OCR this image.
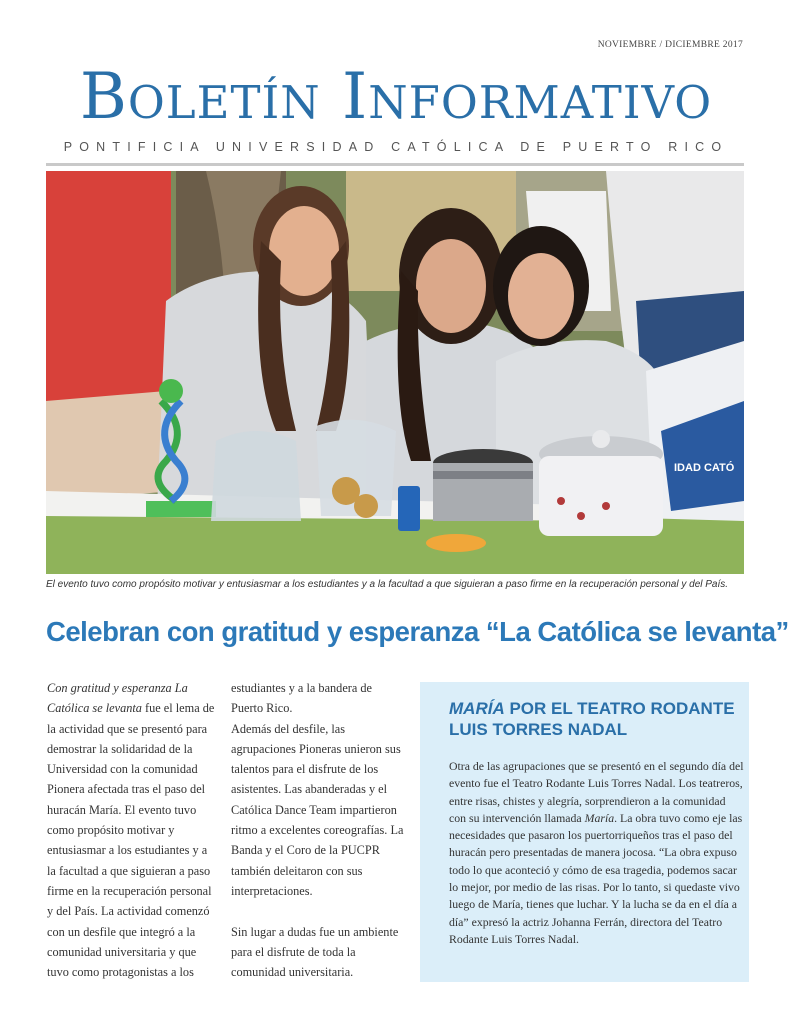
NOVIEMBRE / DICIEMBRE 2017
Boletín Informativo
PONTIFICIA UNIVERSIDAD CATÓLICA DE PUERTO RICO
IDAD CATÓ
El evento tuvo como propósito motivar y entusiasmar a los estudiantes y a la facultad a que siguieran a paso firme en la recuperación personal y del País.
Celebran con gratitud y esperanza “La Católica se levanta”
Con gratitud y esperanza La Católica se levanta fue el lema de la actividad que se presentó para demostrar la solidaridad de la Universidad con la comunidad Pionera afectada tras el paso del huracán María. El evento tuvo como propósito motivar y entusiasmar a los estudiantes y a la facultad a que siguieran a paso firme en la recuperación personal y del País. La actividad comenzó con un desfile que integró a la comunidad universitaria y que tuvo como protagonistas a los
estudiantes y a la bandera de Puerto Rico.
Además del desfile, las agrupaciones Pioneras unieron sus talentos para el disfrute de los asistentes. Las abanderadas y el Católica Dance Team impartieron ritmo a excelentes coreografías. La Banda y el Coro de la PUCPR también deleitaron con sus interpretaciones.
Sin lugar a dudas fue un ambiente para el disfrute de toda la comunidad universitaria.
MARÍA POR EL TEATRO RODANTE LUIS TORRES NADAL
Otra de las agrupaciones que se presentó en el segundo día del evento fue el Teatro Rodante Luis Torres Nadal. Los teatreros, entre risas, chistes y alegría, sorprendieron a la comunidad con su intervención llamada María. La obra tuvo como eje las necesidades que pasaron los puertorriqueños tras el paso del huracán pero presentadas de manera jocosa. “La obra expuso todo lo que aconteció y cómo de esa tragedia, podemos sacar lo mejor, por medio de las risas. Por lo tanto, si quedaste vivo luego de María, tienes que luchar. Y la lucha se da en el día a día” expresó la actriz Johanna Ferrán, directora del Teatro Rodante Luis Torres Nadal.
